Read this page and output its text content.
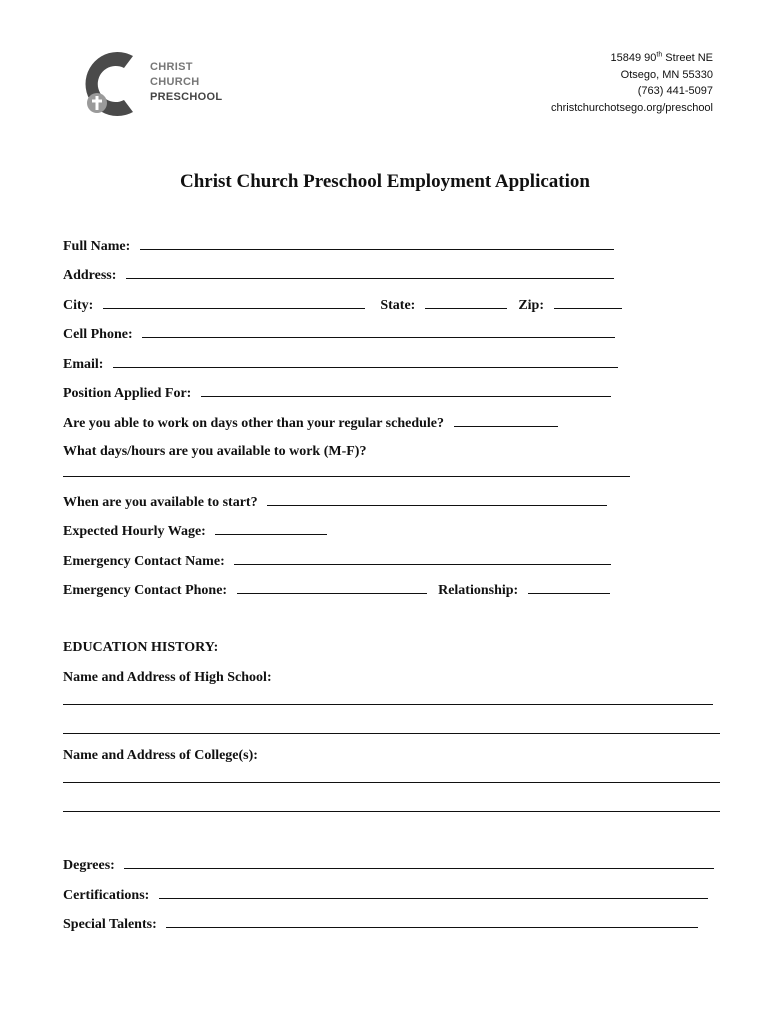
CHRIST
CHURCH
PRESCHOOL
15849 90th Street NE
Otsego, MN 55330
(763) 441-5097
christchurchotsego.org/preschool
Christ Church Preschool Employment Application
Full Name:
Address:
City:	State:	Zip:
Cell Phone:
Email:
Position Applied For:
Are you able to work on days other than your regular schedule?
What days/hours are you available to work (M-F)?
When are you available to start?
Expected Hourly Wage:
Emergency Contact Name:
Emergency Contact Phone:	Relationship:
EDUCATION HISTORY:
Name and Address of High School:
Name and Address of College(s):
Degrees:
Certifications:
Special Talents:
